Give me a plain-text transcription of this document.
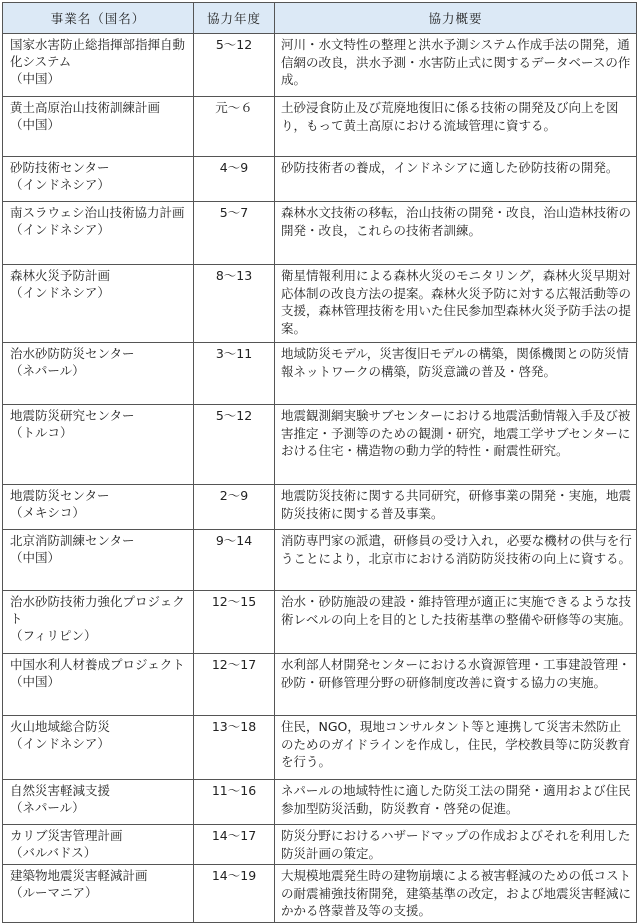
事業名（国名）	協力年度	協力概要

国家水害防止総指揮部指揮自動化システム
（中国）	5～12	河川・水文特性の整理と洪水予測システム作成手法の開発，通信網の改良，洪水予測・水害防止式に関するデータベースの作成。

黄土高原治山技術訓練計画
（中国）	元～６	土砂浸食防止及び荒廃地復旧に係る技術の開発及び向上を図り，もって黄土高原における流域管理に資する。

砂防技術センター
（インドネシア）	4～9	砂防技術者の養成，インドネシアに適した砂防技術の開発。

南スラウェシ治山技術協力計画
（インドネシア）	5～7	森林水文技術の移転，治山技術の開発・改良，治山造林技術の開発・改良，これらの技術者訓練。

森林火災予防計画
（インドネシア）	8～13	衛星情報利用による森林火災のモニタリング，森林火災早期対応体制の改良方法の提案。森林火災予防に対する広報活動等の支援，森林管理技術を用いた住民参加型森林火災予防手法の提案。

治水砂防防災センター
（ネパール）	3～11	地域防災モデル，災害復旧モデルの構築，関係機関との防災情報ネットワークの構築，防災意識の普及・啓発。

地震防災研究センター
（トルコ）	5～12	地震観測網実験サブセンターにおける地震活動情報入手及び被害推定・予測等のための観測・研究，地震工学サブセンターにおける住宅・構造物の動力学的特性・耐震性研究。

地震防災センター
（メキシコ）	2～9	地震防災技術に関する共同研究，研修事業の開発・実施，地震防災技術に関する普及事業。

北京消防訓練センター
（中国）	9～14	消防専門家の派遣，研修員の受け入れ，必要な機材の供与を行うことにより，北京市における消防防災技術の向上に資する。

治水砂防技術力強化プロジェクト
（フィリピン）	12～15	治水・砂防施設の建設・維持管理が適正に実施できるような技術レベルの向上を目的とした技術基準の整備や研修等の実施。

中国水利人材養成プロジェクト
（中国）	12～17	水利部人材開発センターにおける水資源管理・工事建設管理・砂防・研修管理分野の研修制度改善に資する協力の実施。

火山地域総合防災
（インドネシア）	13～18	住民，NGO，現地コンサルタント等と連携して災害未然防止のためのガイドラインを作成し，住民，学校教員等に防災教育を行う。

自然災害軽減支援
（ネパール）	11～16	ネパールの地域特性に適した防災工法の開発・適用および住民参加型防災活動，防災教育・啓発の促進。

カリブ災害管理計画
（バルバドス）	14～17	防災分野におけるハザードマップの作成およびそれを利用した防災計画の策定。

建築物地震災害軽減計画
（ルーマニア）	14～19	大規模地震発生時の建物崩壊による被害軽減のための低コストの耐震補強技術開発，建築基準の改定，および地震災害軽減にかかる啓蒙普及等の支援。
